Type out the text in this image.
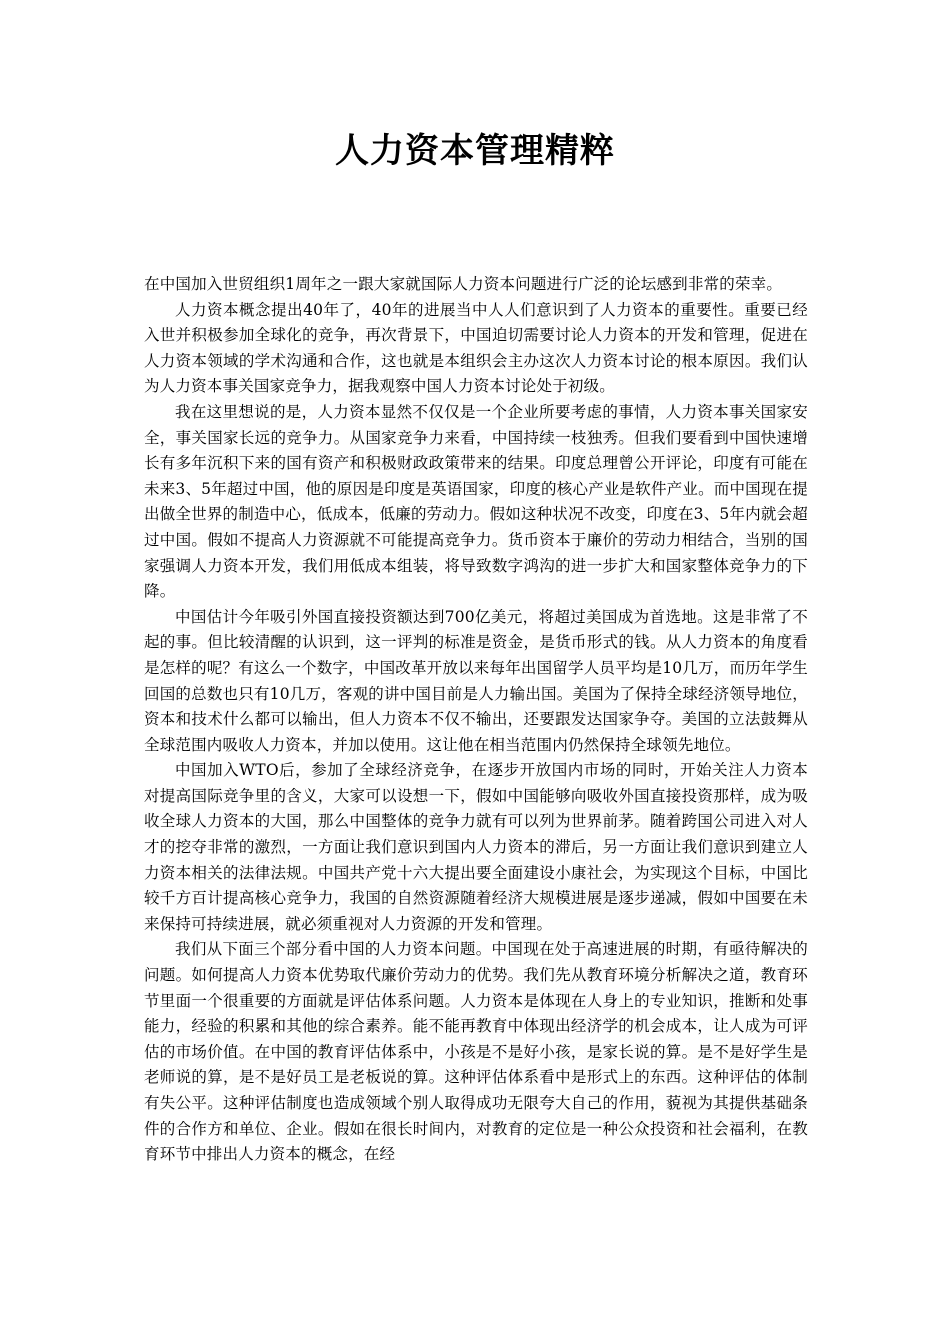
人力资本管理精粹

在中国加入世贸组织1周年之一跟大家就国际人力资本问题进行广泛的论坛感到非常的荣幸。

人力资本概念提出40年了，40年的进展当中人人们意识到了人力资本的重要性。重要已经入世并积极参加全球化的竞争，再次背景下，中国迫切需要讨论人力资本的开发和管理，促进在人力资本领域的学术沟通和合作，这也就是本组织会主办这次人力资本讨论的根本原因。我们认为人力资本事关国家竞争力，据我观察中国人力资本讨论处于初级。

我在这里想说的是，人力资本显然不仅仅是一个企业所要考虑的事情，人力资本事关国家安全，事关国家长远的竞争力。从国家竞争力来看，中国持续一枝独秀。但我们要看到中国快速增长有多年沉积下来的国有资产和积极财政政策带来的结果。印度总理曾公开评论，印度有可能在未来3、5年超过中国，他的原因是印度是英语国家，印度的核心产业是软件产业。而中国现在提出做全世界的制造中心，低成本，低廉的劳动力。假如这种状况不改变，印度在3、5年内就会超过中国。假如不提高人力资源就不可能提高竞争力。货币资本于廉价的劳动力相结合，当别的国家强调人力资本开发，我们用低成本组装，将导致数字鸿沟的进一步扩大和国家整体竞争力的下降。

中国估计今年吸引外国直接投资额达到700亿美元，将超过美国成为首选地。这是非常了不起的事。但比较清醒的认识到，这一评判的标准是资金，是货币形式的钱。从人力资本的角度看是怎样的呢？有这么一个数字，中国改革开放以来每年出国留学人员平均是10几万，而历年学生回国的总数也只有10几万，客观的讲中国目前是人力输出国。美国为了保持全球经济领导地位，资本和技术什么都可以输出，但人力资本不仅不输出，还要跟发达国家争夺。美国的立法鼓舞从全球范围内吸收人力资本，并加以使用。这让他在相当范围内仍然保持全球领先地位。

中国加入WTO后，参加了全球经济竞争，在逐步开放国内市场的同时，开始关注人力资本对提高国际竞争里的含义，大家可以设想一下，假如中国能够向吸收外国直接投资那样，成为吸收全球人力资本的大国，那么中国整体的竞争力就有可以列为世界前茅。随着跨国公司进入对人才的挖夺非常的激烈，一方面让我们意识到国内人力资本的滞后，另一方面让我们意识到建立人力资本相关的法律法规。中国共产党十六大提出要全面建设小康社会，为实现这个目标，中国比较千方百计提高核心竞争力，我国的自然资源随着经济大规模进展是逐步递减，假如中国要在未来保持可持续进展，就必须重视对人力资源的开发和管理。

我们从下面三个部分看中国的人力资本问题。中国现在处于高速进展的时期，有亟待解决的问题。如何提高人力资本优势取代廉价劳动力的优势。我们先从教育环境分析解决之道，教育环节里面一个很重要的方面就是评估体系问题。人力资本是体现在人身上的专业知识，推断和处事能力，经验的积累和其他的综合素养。能不能再教育中体现出经济学的机会成本，让人成为可评估的市场价值。在中国的教育评估体系中，小孩是不是好小孩，是家长说的算。是不是好学生是老师说的算，是不是好员工是老板说的算。这种评估体系看中是形式上的东西。这种评估的体制有失公平。这种评估制度也造成领域个别人取得成功无限夸大自己的作用，藐视为其提供基础条件的合作方和单位、企业。假如在很长时间内，对教育的定位是一种公众投资和社会福利，在教育环节中排出人力资本的概念，在经
